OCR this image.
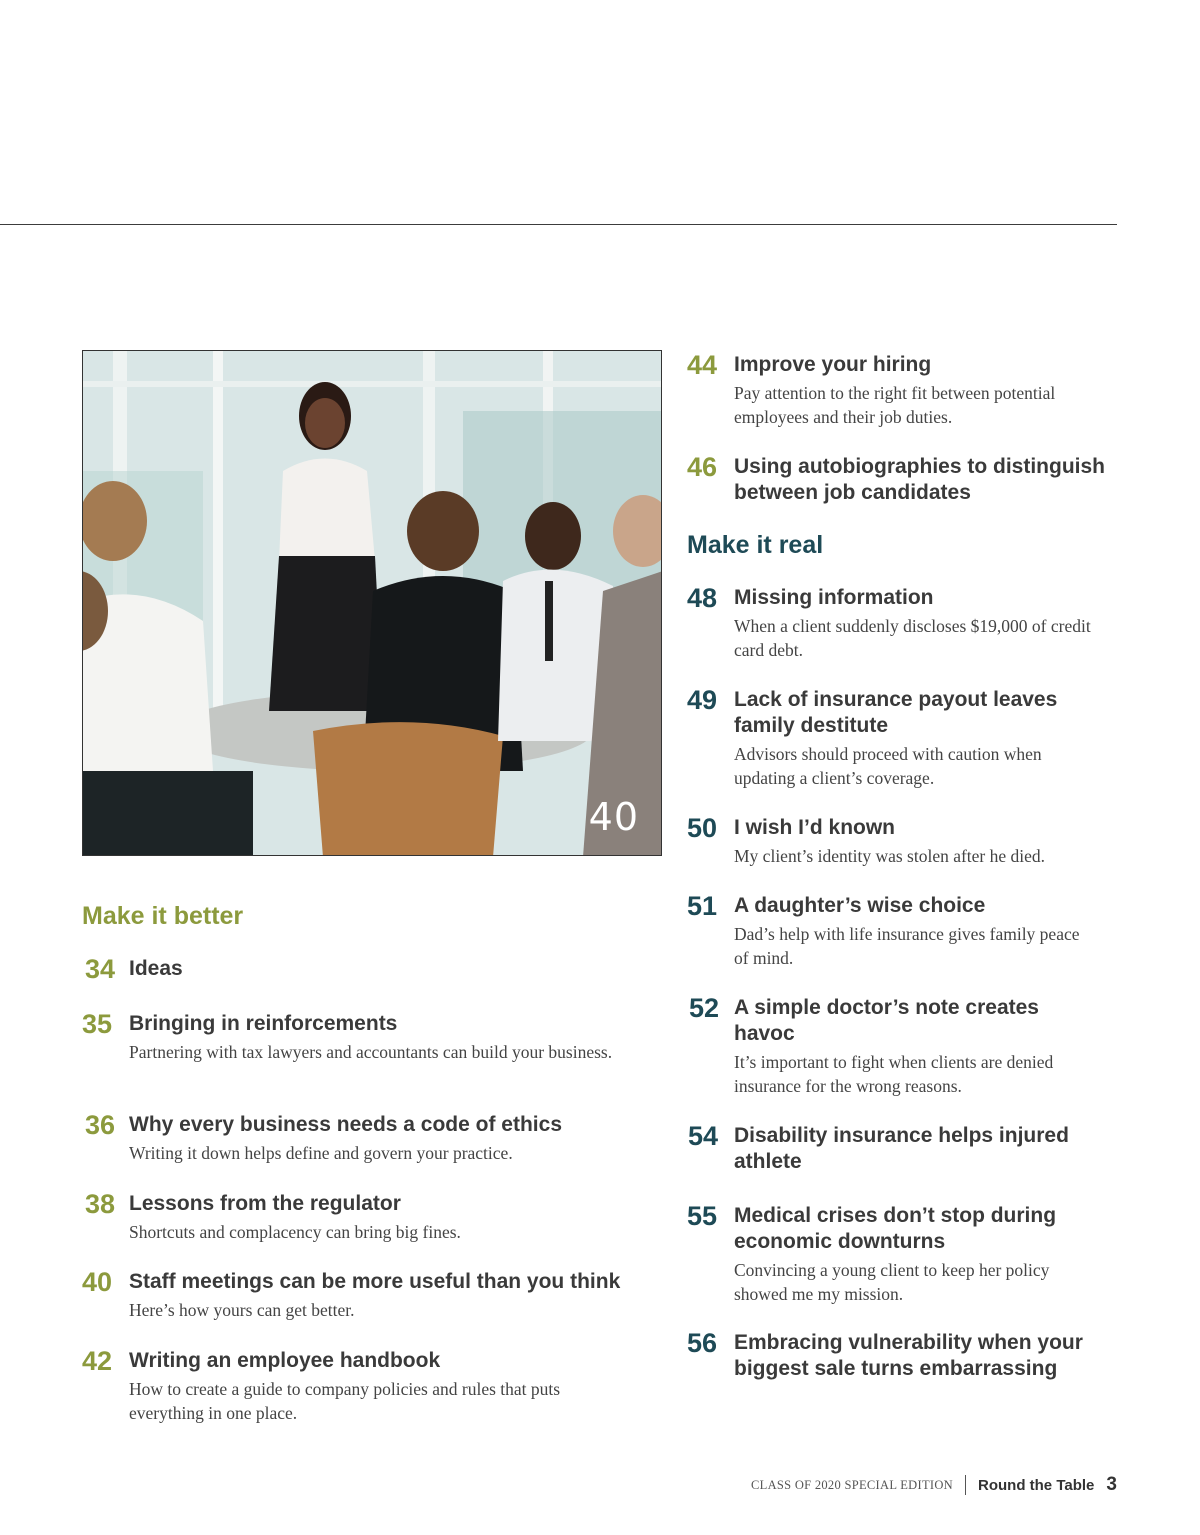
40
Make it better
34 Ideas
35 Bringing in reinforcements
Partnering with tax lawyers and accountants can build your business.
36 Why every business needs a code of ethics
Writing it down helps define and govern your practice.
38 Lessons from the regulator
Shortcuts and complacency can bring big fines.
40 Staff meetings can be more useful than you think
Here’s how yours can get better.
42 Writing an employee handbook
How to create a guide to company policies and rules that puts everything in one place.
44 Improve your hiring
Pay attention to the right fit between potential employees and their job duties.
46 Using autobiographies to distinguish between job candidates
Make it real
48 Missing information
When a client suddenly discloses $19,000 of credit card debt.
49 Lack of insurance payout leaves family destitute
Advisors should proceed with caution when updating a client’s coverage.
50 I wish I’d known
My client’s identity was stolen after he died.
51 A daughter’s wise choice
Dad’s help with life insurance gives family peace of mind.
52 A simple doctor’s note creates havoc
It’s important to fight when clients are denied insurance for the wrong reasons.
54 Disability insurance helps injured athlete
55 Medical crises don’t stop during economic downturns
Convincing a young client to keep her policy showed me my mission.
56 Embracing vulnerability when your biggest sale turns embarrassing
CLASS OF 2020 SPECIAL EDITION Round the Table 3
